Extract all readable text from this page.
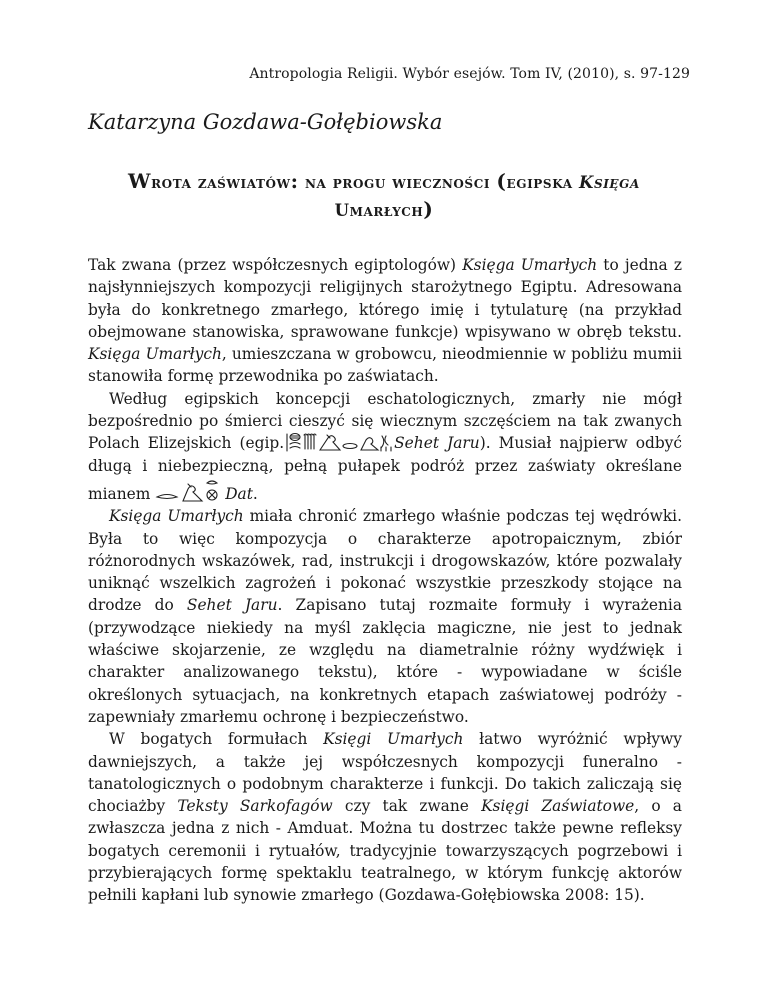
Antropologia Religii. Wybór esejów. Tom IV, (2010), s. 97-129
Katarzyna Gozdawa-Gołębiowska
Wrota zaświatów: na progu wieczności (egipska Księga
Umarłych)

Tak zwana (przez współczesnych egiptologów) Księga Umarłych to jedna z najsłynniejszych kompozycji religijnych starożytnego Egiptu. Adresowana była do konkretnego zmarłego, którego imię i tytulaturę (na przykład obejmowane stanowiska, sprawowane funkcje) wpisywano w obręb tekstu. Księga Umarłych, umieszczana w grobowcu, nieodmiennie w pobliżu mumii stanowiła formę przewodnika po zaświatach.

Według egipskich koncepcji eschatologicznych, zmarły nie mógł bezpośrednio po śmierci cieszyć się wiecznym szczęściem na tak zwanych Polach Elizejskich (egip.	Sehet Jaru). Musiał najpierw odbyć długą i niebezpieczną, pełną pułapek podróż przez zaświaty określane mianem	Dat.

Księga Umarłych miała chronić zmarłego właśnie podczas tej wędrówki. Była to więc kompozycja o charakterze apotropaicznym, zbiór różnorodnych wskazówek, rad, instrukcji i drogowskazów, które pozwalały uniknąć wszelkich zagrożeń i pokonać wszystkie przeszkody stojące na drodze do Sehet Jaru. Zapisano tutaj rozmaite formuły i wyrażenia (przywodzące niekiedy na myśl zaklęcia magiczne, nie jest to jednak właściwe skojarzenie, ze względu na diametralnie różny wydźwięk i charakter analizowanego tekstu), które - wypowiadane w ściśle określonych sytuacjach, na konkretnych etapach zaświatowej podróży - zapewniały zmarłemu ochronę i bezpieczeństwo.

W bogatych formułach Księgi Umarłych łatwo wyróżnić wpływy dawniejszych, a także jej współczesnych kompozycji funeralno - tanatologicznych o podobnym charakterze i funkcji. Do takich zaliczają się chociażby Teksty Sarkofagów czy tak zwane Księgi Zaświatowe, o a zwłaszcza jedna z nich - Amduat. Można tu dostrzec także pewne refleksy bogatych ceremonii i rytuałów, tradycyjnie towarzyszących pogrzebowi i przybierających formę spektaklu teatralnego, w którym funkcję aktorów pełnili kapłani lub synowie zmarłego (Gozdawa-Gołębiowska 2008: 15).
